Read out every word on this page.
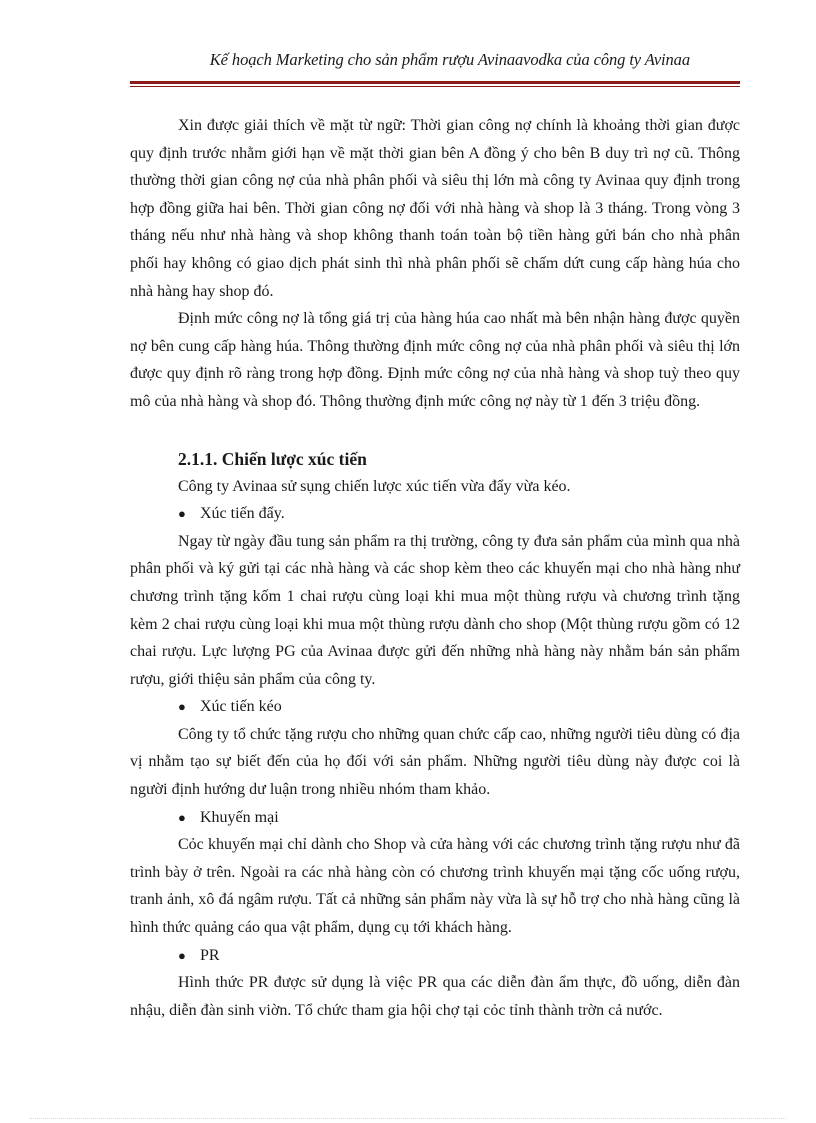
Kế hoạch Marketing cho sản phẩm rượu Avinaavodka của công ty Avinaa

Xin được giải thích về mặt từ ngữ: Thời gian công nợ chính là khoảng thời gian được quy định trước nhằm giới hạn về mặt thời gian bên A đồng ý cho bên B duy trì nợ cũ. Thông thường thời gian công nợ của nhà phân phối và siêu thị lớn mà công ty Avinaa quy định trong hợp đồng giữa hai bên. Thời gian công nợ đối với nhà hàng và shop là 3 tháng. Trong vòng 3 tháng nếu như nhà hàng và shop không thanh toán toàn bộ tiền hàng gửi bán cho nhà phân phối hay không có giao dịch phát sinh thì nhà phân phối sẽ chấm dứt cung cấp hàng húa cho nhà hàng hay shop đó.

Định mức công nợ là tổng giá trị của hàng húa cao nhất mà bên nhận hàng được quyền nợ bên cung cấp hàng húa. Thông thường định mức công nợ của nhà phân phối và siêu thị lớn được quy định rõ ràng trong hợp đồng. Định mức công nợ của nhà hàng và shop tuỳ theo quy mô của nhà hàng và shop đó. Thông thường định mức công nợ này từ 1 đến 3 triệu đồng.

2.1.1. Chiến lược xúc tiến

Công ty Avinaa sử sụng chiến lược xúc tiến vừa đẩy vừa kéo.

● Xúc tiến đẩy.

Ngay từ ngày đầu tung sản phẩm ra thị trường, công ty đưa sản phẩm của mình qua nhà phân phối và ký gửi tại các nhà hàng và các shop kèm theo các khuyến mại cho nhà hàng như chương trình tặng kốm 1 chai rượu cùng loại khi mua một thùng rượu và chương trình tặng kèm 2 chai rượu cùng loại khi mua một thùng rượu dành cho shop (Một thùng rượu gồm có 12 chai rượu. Lực lượng PG của Avinaa được gửi đến những nhà hàng này nhằm bán sản phẩm rượu, giới thiệu sản phẩm của công ty.

● Xúc tiến kéo

Công ty tổ chức tặng rượu cho những quan chức cấp cao, những người tiêu dùng có địa vị nhằm tạo sự biết đến của họ đối với sản phẩm. Những người tiêu dùng này được coi là người định hướng dư luận trong nhiều nhóm tham khảo.

● Khuyến mại

Cỏc khuyến mại chỉ dành cho Shop và cửa hàng với các chương trình tặng rượu như đã trình bày ở trên. Ngoài ra các nhà hàng còn có chương trình khuyến mại tặng cốc uống rượu, tranh ảnh, xô đá ngâm rượu. Tất cả những sản phẩm này vừa là sự hỗ trợ cho nhà hàng cũng là hình thức quảng cáo qua vật phẩm, dụng cụ tới khách hàng.

● PR

Hình thức PR được sử dụng là việc PR qua các diễn đàn ẩm thực, đồ uống, diễn đàn nhậu, diễn đàn sinh viờn. Tổ chức tham gia hội chợ tại cỏc tỉnh thành trờn cả nước.
